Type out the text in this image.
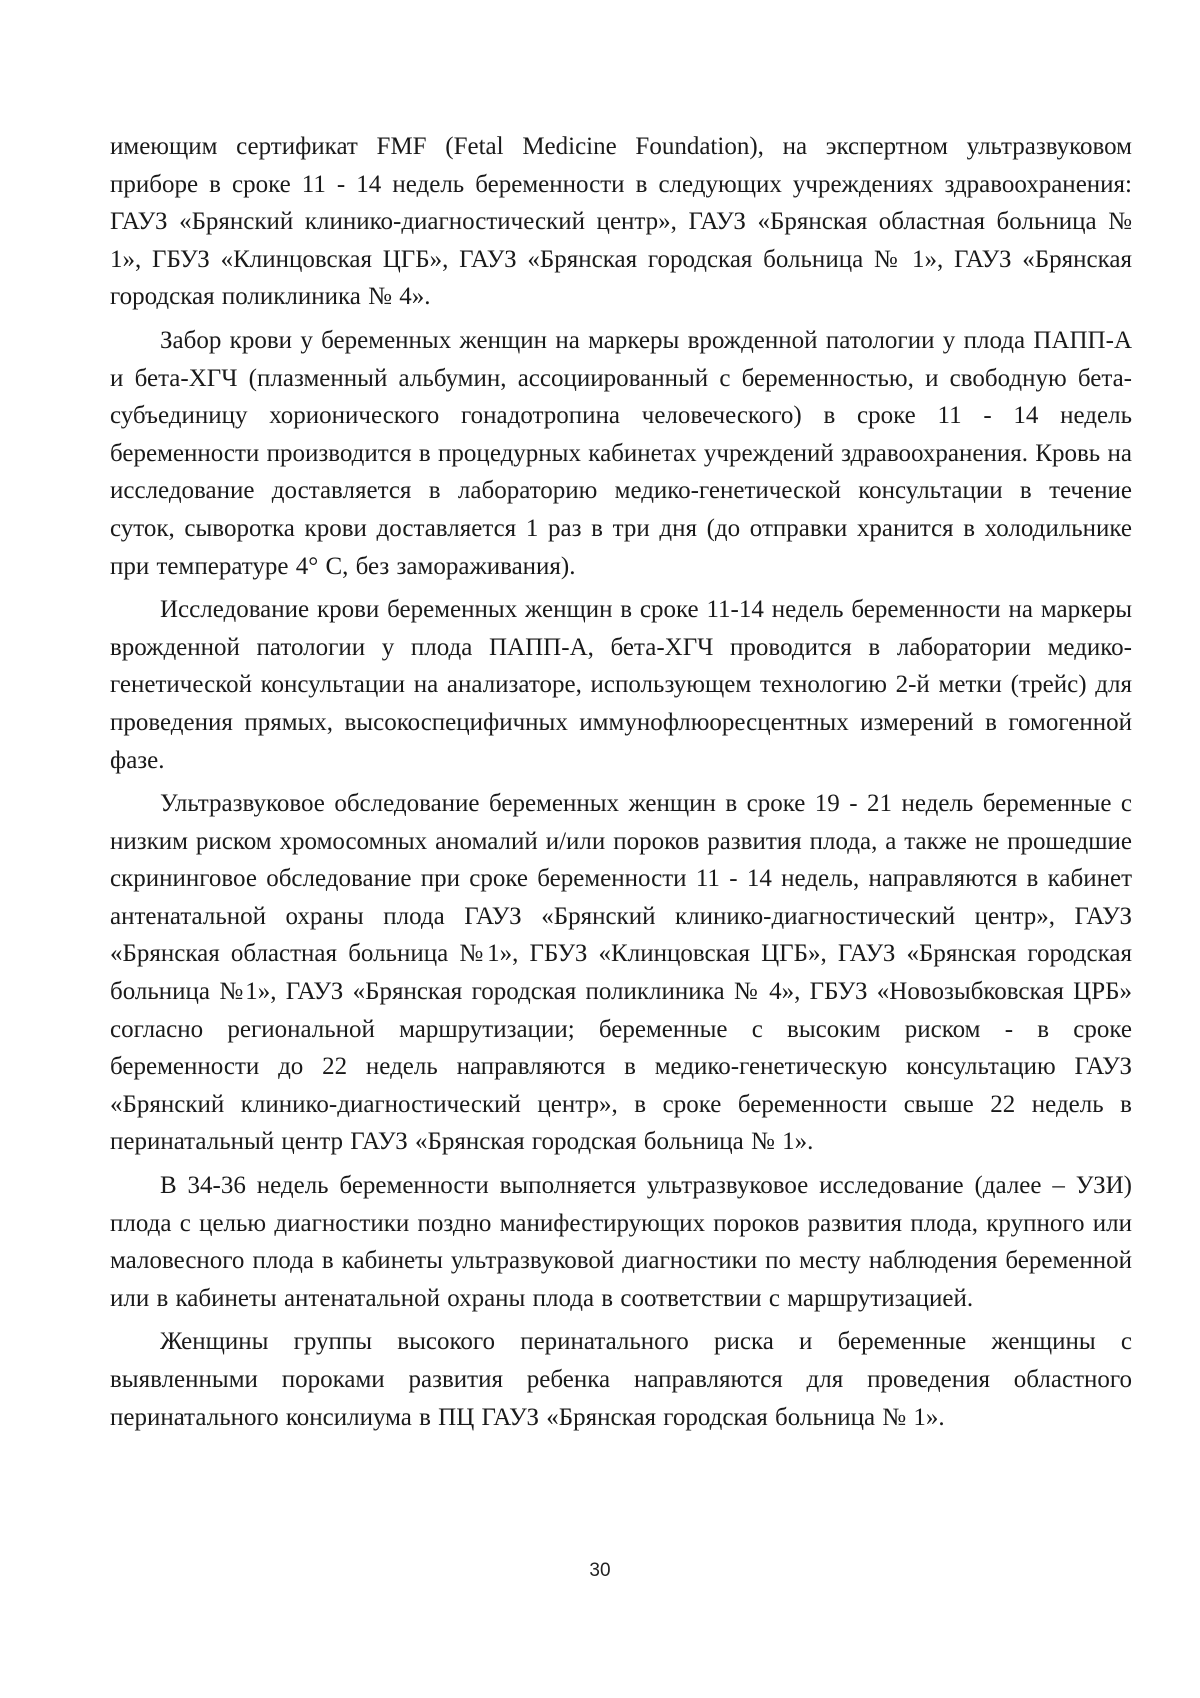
имеющим сертификат FMF (Fetal Medicine Foundation), на экспертном ультразвуковом приборе в сроке 11 - 14 недель беременности в следующих учреждениях здравоохранения: ГАУЗ «Брянский клинико-диагностический центр», ГАУЗ «Брянская областная больница № 1», ГБУЗ «Клинцовская ЦГБ», ГАУЗ «Брянская городская больница № 1», ГАУЗ «Брянская городская поликлиника № 4».

Забор крови у беременных женщин на маркеры врожденной патологии у плода ПАПП-А и бета-ХГЧ (плазменный альбумин, ассоциированный с беременностью, и свободную бета-субъединицу хорионического гонадотропина человеческого) в сроке 11 - 14 недель беременности производится в процедурных кабинетах учреждений здравоохранения. Кровь на исследование доставляется в лабораторию медико-генетической консультации в течение суток, сыворотка крови доставляется 1 раз в три дня (до отправки хранится в холодильнике при температуре 4° С, без замораживания).

Исследование крови беременных женщин в сроке 11-14 недель беременности на маркеры врожденной патологии у плода ПАПП-А, бета-ХГЧ проводится в лаборатории медико-генетической консультации на анализаторе, использующем технологию 2-й метки (трейс) для проведения прямых, высокоспецифичных иммунофлюоресцентных измерений в гомогенной фазе.

Ультразвуковое обследование беременных женщин в сроке 19 - 21 недель беременные с низким риском хромосомных аномалий и/или пороков развития плода, а также не прошедшие скрининговое обследование при сроке беременности 11 - 14 недель, направляются в кабинет антенатальной охраны плода ГАУЗ «Брянский клинико-диагностический центр», ГАУЗ «Брянская областная больница №1», ГБУЗ «Клинцовская ЦГБ», ГАУЗ «Брянская городская больница №1», ГАУЗ «Брянская городская поликлиника № 4», ГБУЗ «Новозыбковская ЦРБ» согласно региональной маршрутизации; беременные с высоким риском - в сроке беременности до 22 недель направляются в медико-генетическую консультацию ГАУЗ «Брянский клинико-диагностический центр», в сроке беременности свыше 22 недель в перинатальный центр ГАУЗ «Брянская городская больница № 1».

В 34-36 недель беременности выполняется ультразвуковое исследование (далее – УЗИ) плода с целью диагностики поздно манифестирующих пороков развития плода, крупного или маловесного плода в кабинеты ультразвуковой диагностики по месту наблюдения беременной или в кабинеты антенатальной охраны плода в соответствии с маршрутизацией.

Женщины группы высокого перинатального риска и беременные женщины с выявленными пороками развития ребенка направляются для проведения областного перинатального консилиума в ПЦ ГАУЗ «Брянская городская больница № 1».

30
